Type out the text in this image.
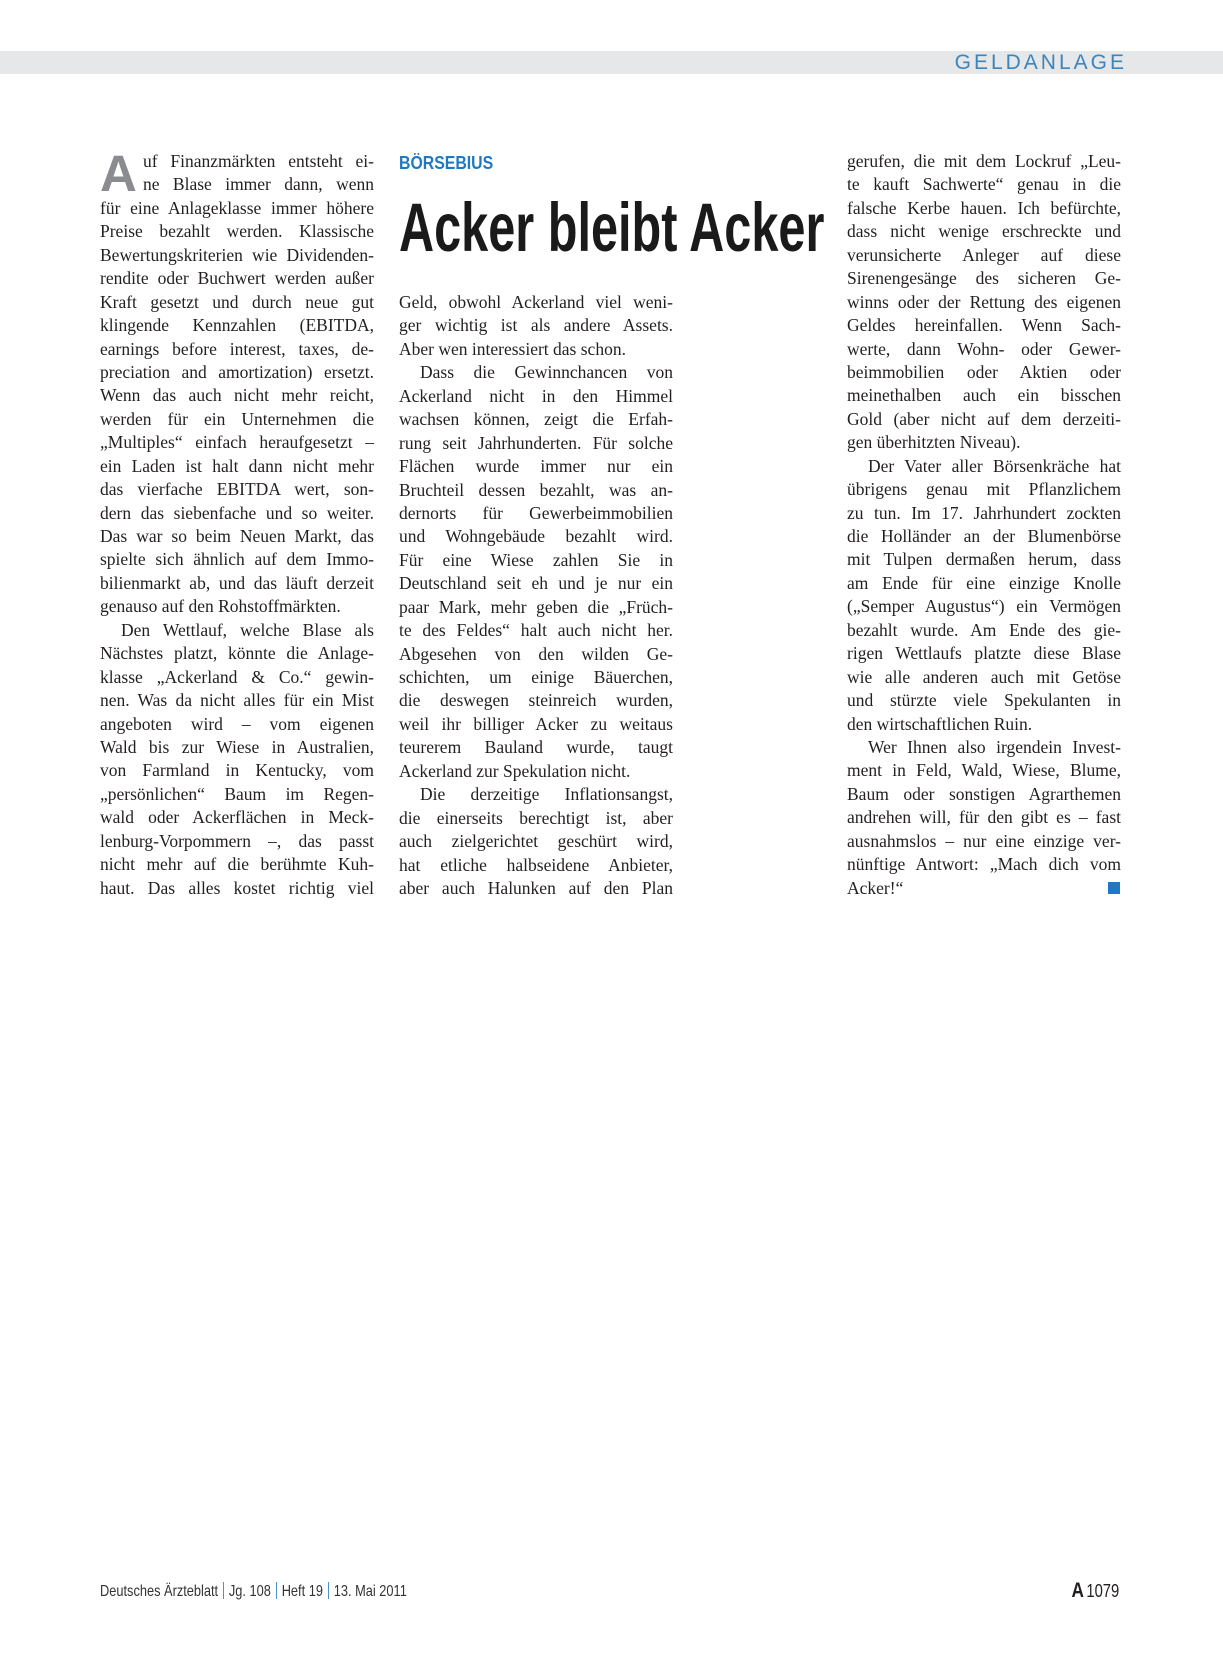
GELDANLAGE
A	BÖRSEBIUS
Acker bleibt Acker
uf Finanzmärkten entsteht ei-
ne Blase immer dann, wenn
für eine Anlageklasse immer höhere
Preise bezahlt werden. Klassische
Bewertungskriterien wie Dividenden-
rendite oder Buchwert werden außer
Kraft gesetzt und durch neue gut
klingende Kennzahlen (EBITDA,
earnings before interest, taxes, de-
preciation and amortization) ersetzt.
Wenn das auch nicht mehr reicht,
werden für ein Unternehmen die
„Multiples“ einfach heraufgesetzt –
ein Laden ist halt dann nicht mehr
das vierfache EBITDA wert, son-
dern das siebenfache und so weiter.
Das war so beim Neuen Markt, das
spielte sich ähnlich auf dem Immo-
bilienmarkt ab, und das läuft derzeit
genauso auf den Rohstoffmärkten.
Den Wettlauf, welche Blase als
Nächstes platzt, könnte die Anlage-
klasse „Ackerland & Co.“ gewin-
nen. Was da nicht alles für ein Mist
angeboten wird – vom eigenen
Wald bis zur Wiese in Australien,
von Farmland in Kentucky, vom
„persönlichen“ Baum im Regen-
wald oder Ackerflächen in Meck-
lenburg-Vorpommern –, das passt
nicht mehr auf die berühmte Kuh-
haut. Das alles kostet richtig viel
Geld, obwohl Ackerland viel weni-
ger wichtig ist als andere Assets.
Aber wen interessiert das schon.
Dass die Gewinnchancen von
Ackerland nicht in den Himmel
wachsen können, zeigt die Erfah-
rung seit Jahrhunderten. Für solche
Flächen wurde immer nur ein
Bruchteil dessen bezahlt, was an-
dernorts für Gewerbeimmobilien
und Wohngebäude bezahlt wird.
Für eine Wiese zahlen Sie in
Deutschland seit eh und je nur ein
paar Mark, mehr geben die „Früch-
te des Feldes“ halt auch nicht her.
Abgesehen von den wilden Ge-
schichten, um einige Bäuerchen,
die deswegen steinreich wurden,
weil ihr billiger Acker zu weitaus
teurerem Bauland wurde, taugt
Ackerland zur Spekulation nicht.
Die derzeitige Inflationsangst,
die einerseits berechtigt ist, aber
auch zielgerichtet geschürt wird,
hat etliche halbseidene Anbieter,
aber auch Halunken auf den Plan
gerufen, die mit dem Lockruf „Leu-
te kauft Sachwerte“ genau in die
falsche Kerbe hauen. Ich befürchte,
dass nicht wenige erschreckte und
verunsicherte Anleger auf diese
Sirenengesänge des sicheren Ge-
winns oder der Rettung des eigenen
Geldes hereinfallen. Wenn Sach-
werte, dann Wohn- oder Gewer-
beimmobilien oder Aktien oder
meinethalben auch ein bisschen
Gold (aber nicht auf dem derzeiti-
gen überhitzten Niveau).
Der Vater aller Börsenkräche hat
übrigens genau mit Pflanzlichem
zu tun. Im 17. Jahrhundert zockten
die Holländer an der Blumenbörse
mit Tulpen dermaßen herum, dass
am Ende für eine einzige Knolle
(„Semper Augustus“) ein Vermögen
bezahlt wurde. Am Ende des gie-
rigen Wettlaufs platzte diese Blase
wie alle anderen auch mit Getöse
und stürzte viele Spekulanten in
den wirtschaftlichen Ruin.
Wer Ihnen also irgendein Invest-
ment in Feld, Wald, Wiese, Blume,
Baum oder sonstigen Agrarthemen
andrehen will, für den gibt es – fast
ausnahmslos – nur eine einzige ver-
nünftige Antwort: „Mach dich vom
Acker!“
Deutsches Ärzteblatt Jg. 108 Heft 19 13. Mai 2011	A 1079
